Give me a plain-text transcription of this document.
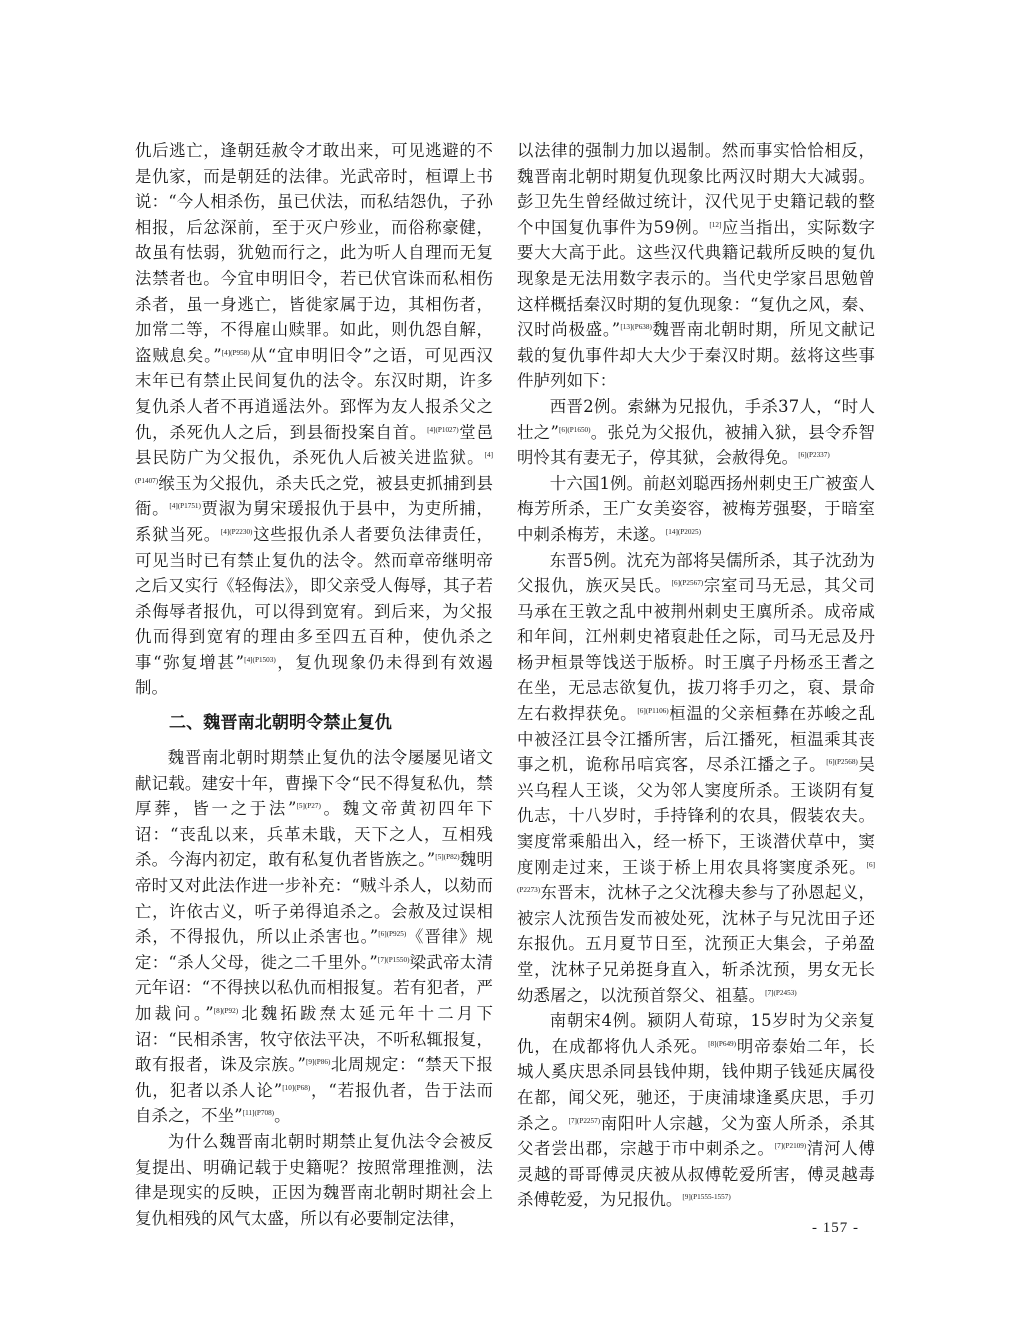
仇后逃亡，逢朝廷赦令才敢出来，可见逃避的不是仇家，而是朝廷的法律。光武帝时，桓谭上书说：“今人相杀伤，虽已伏法，而私结怨仇，子孙相报，后忿深前，至于灭户殄业，而俗称豪健，故虽有怯弱，犹勉而行之，此为听人自理而无复法禁者也。今宜申明旧令，若已伏官诛而私相伤杀者，虽一身逃亡，皆徙家属于边，其相伤者，加常二等，不得雇山赎罪。如此，则仇怨自解，盗贼息矣。”$^{[4](P958)}$从“宜申明旧令”之语，可见西汉末年已有禁止民间复仇的法令。东汉时期，许多复仇杀人者不再逍遥法外。郅恽为友人报杀父之仇，杀死仇人之后，到县衙投案自首。$^{[4](P1027)}$堂邑县民防广为父报仇，杀死仇人后被关进监狱。$^{[4](P1407)}$缑玉为父报仇，杀夫氏之党，被县吏抓捕到县衙。$^{[4](P1751)}$贾淑为舅宋瑗报仇于县中，为吏所捕，系狱当死。$^{[4](P2230)}$这些报仇杀人者要负法律责任，可见当时已有禁止复仇的法令。然而章帝继明帝之后又实行《轻侮法》，即父亲受人侮辱，其子若杀侮辱者报仇，可以得到宽宥。到后来，为父报仇而得到宽宥的理由多至四五百种，使仇杀之事“弥复增甚”$^{[4](P1503)}$，复仇现象仍未得到有效遏制。

二、魏晋南北朝明令禁止复仇

魏晋南北朝时期禁止复仇的法令屡屡见诸文献记载。建安十年，曹操下令“民不得复私仇，禁厚葬，皆一之于法”$^{[5](P27)}$。魏文帝黄初四年下诏：“丧乱以来，兵革未戢，天下之人，互相残杀。今海内初定，敢有私复仇者皆族之。”$^{[5](P82)}$魏明帝时又对此法作进一步补充：“贼斗杀人，以劾而亡，许依古义，听子弟得追杀之。会赦及过误相杀，不得报仇，所以止杀害也。”$^{[6](P925)}$《晋律》规定：“杀人父母，徙之二千里外。”$^{[7](P1550)}$梁武帝太清元年诏：“不得挟以私仇而相报复。若有犯者，严加裁问。”$^{[8](P92)}$北魏拓跋焘太延元年十二月下诏：“民相杀害，牧守依法平决，不听私辄报复，敢有报者，诛及宗族。”$^{[9](P86)}$北周规定：“禁天下报仇，犯者以杀人论”$^{[10](P68)}$，“若报仇者，告于法而自杀之，不坐”$^{[11](P708)}$。

为什么魏晋南北朝时期禁止复仇法令会被反复提出、明确记载于史籍呢？按照常理推测，法律是现实的反映，正因为魏晋南北朝时期社会上复仇相残的风气太盛，所以有必要制定法律，

以法律的强制力加以遏制。然而事实恰恰相反，魏晋南北朝时期复仇现象比两汉时期大大减弱。彭卫先生曾经做过统计，汉代见于史籍记载的整个中国复仇事件为59例。[12]应当指出，实际数字要大大高于此。这些汉代典籍记载所反映的复仇现象是无法用数字表示的。当代史学家吕思勉曾这样概括秦汉时期的复仇现象：“复仇之风，秦、汉时尚极盛。”$^{[13](P638)}$魏晋南北朝时期，所见文献记载的复仇事件却大大少于秦汉时期。兹将这些事件胪列如下：

西晋2例。索綝为兄报仇，手杀37人，“时人壮之”$^{[6](P1650)}$。张兑为父报仇，被捕入狱，县令乔智明怜其有妻无子，停其狱，会赦得免。$^{[6](P2337)}$

十六国1例。前赵刘聪西扬州刺史王广被蛮人梅芳所杀，王广女美姿容，被梅芳强娶，于暗室中刺杀梅芳，未遂。$^{[14](P2025)}$

东晋5例。沈充为部将吴儒所杀，其子沈劲为父报仇，族灭吴氏。$^{[6](P2567)}$宗室司马无忌，其父司马承在王敦之乱中被荆州刺史王廙所杀。成帝咸和年间，江州刺史褚裒赴任之际，司马无忌及丹杨尹桓景等饯送于版桥。时王廙子丹杨丞王耆之在坐，无忌志欲复仇，拔刀将手刃之，裒、景命左右救捍获免。$^{[6](P1106)}$桓温的父亲桓彝在苏峻之乱中被泾江县令江播所害，后江播死，桓温乘其丧事之机，诡称吊唁宾客，尽杀江播之子。$^{[6](P2568)}$吴兴乌程人王谈，父为邻人窦度所杀。王谈阴有复仇志，十八岁时，手持锋利的农具，假装农夫。窦度常乘船出入，经一桥下，王谈潜伏草中，窦度刚走过来，王谈于桥上用农具将窦度杀死。$^{[6](P2273)}$东晋末，沈林子之父沈穆夫参与了孙恩起义，被宗人沈预告发而被处死，沈林子与兄沈田子还东报仇。五月夏节日至，沈预正大集会，子弟盈堂，沈林子兄弟挺身直入，斩杀沈预，男女无长幼悉屠之，以沈预首祭父、祖墓。$^{[7](P2453)}$

南朝宋4例。颍阴人荀琼，15岁时为父亲复仇，在成都将仇人杀死。$^{[8](P649)}$明帝泰始二年，长城人奚庆思杀同县钱仲期，钱仲期子钱延庆属役在都，闻父死，驰还，于庚浦埭逢奚庆思，手刃杀之。$^{[7](P2257)}$南阳叶人宗越，父为蛮人所杀，杀其父者尝出郡，宗越于市中刺杀之。$^{[7](P2109)}$清河人傅灵越的哥哥傅灵庆被从叔傅乾爱所害，傅灵越毒杀傅乾爱，为兄报仇。$^{[9](P1555-1557)}$

- 157 -
